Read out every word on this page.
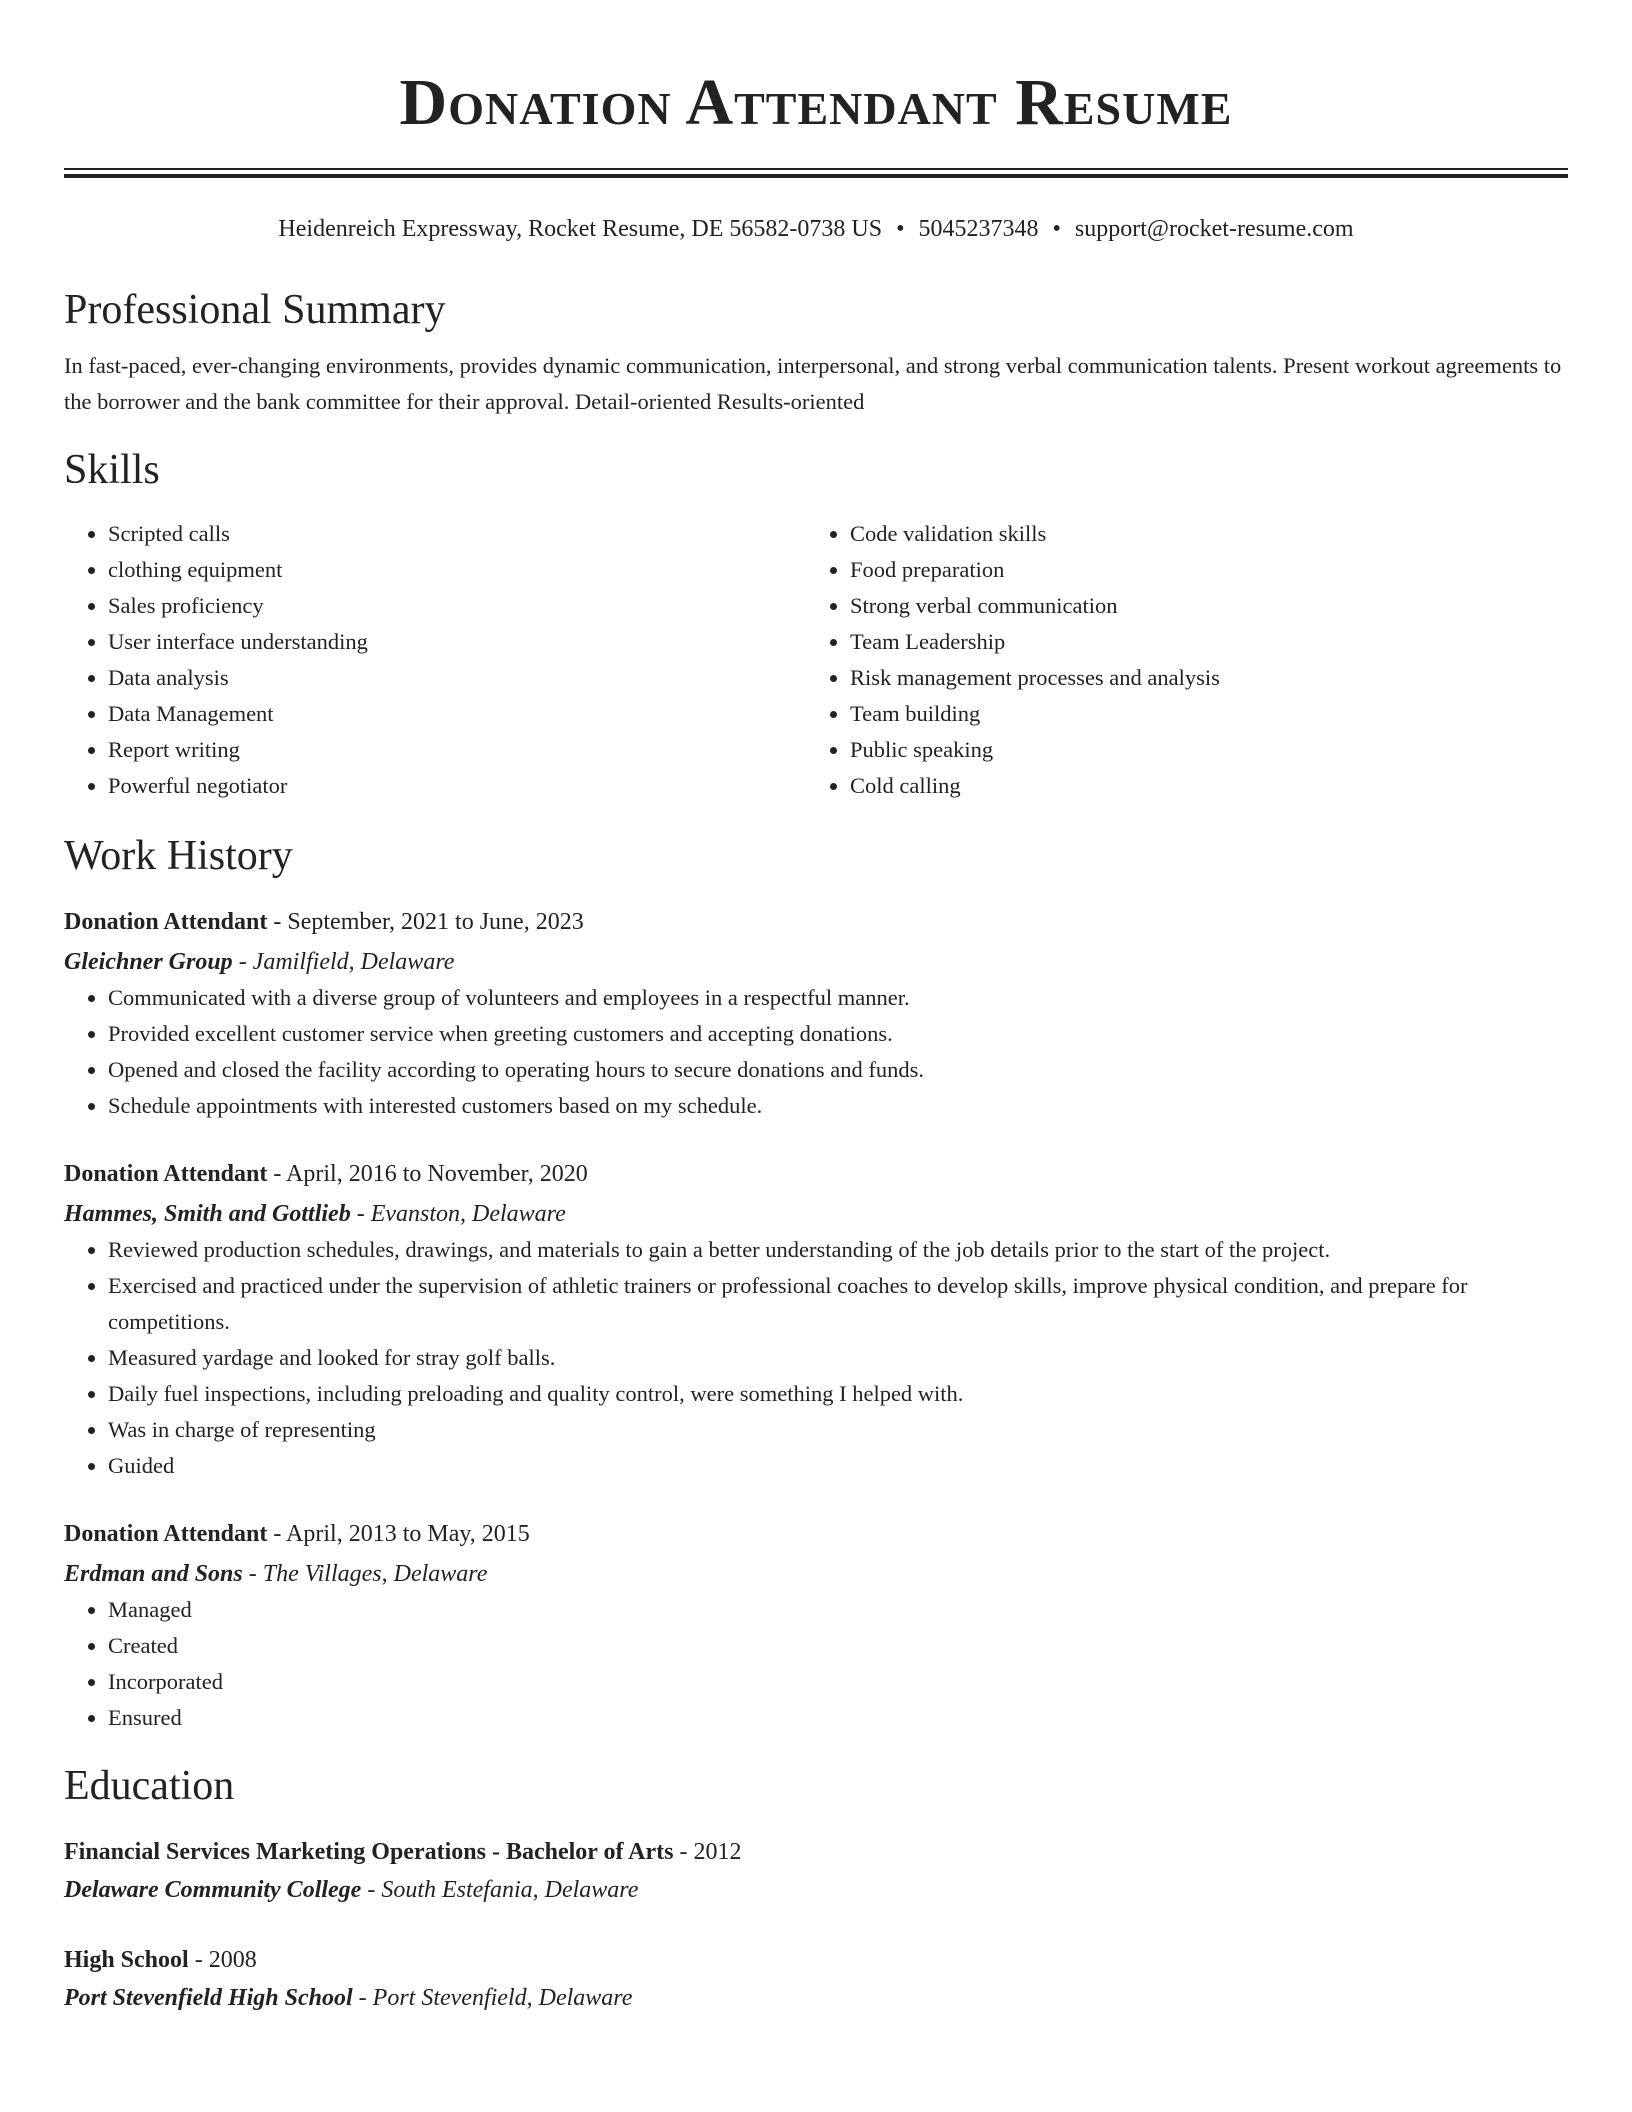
Donation Attendant Resume
Heidenreich Expressway, Rocket Resume, DE 56582-0738 US • 5045237348 • support@rocket-resume.com
Professional Summary
In fast-paced, ever-changing environments, provides dynamic communication, interpersonal, and strong verbal communication talents. Present workout agreements to the borrower and the bank committee for their approval. Detail-oriented Results-oriented
Skills
• Scripted calls
• clothing equipment
• Sales proficiency
• User interface understanding
• Data analysis
• Data Management
• Report writing
• Powerful negotiator
• Code validation skills
• Food preparation
• Strong verbal communication
• Team Leadership
• Risk management processes and analysis
• Team building
• Public speaking
• Cold calling
Work History
Donation Attendant - September, 2021 to June, 2023
Gleichner Group - Jamilfield, Delaware
• Communicated with a diverse group of volunteers and employees in a respectful manner.
• Provided excellent customer service when greeting customers and accepting donations.
• Opened and closed the facility according to operating hours to secure donations and funds.
• Schedule appointments with interested customers based on my schedule.
Donation Attendant - April, 2016 to November, 2020
Hammes, Smith and Gottlieb - Evanston, Delaware
• Reviewed production schedules, drawings, and materials to gain a better understanding of the job details prior to the start of the project.
• Exercised and practiced under the supervision of athletic trainers or professional coaches to develop skills, improve physical condition, and prepare for competitions.
• Measured yardage and looked for stray golf balls.
• Daily fuel inspections, including preloading and quality control, were something I helped with.
• Was in charge of representing
• Guided
Donation Attendant - April, 2013 to May, 2015
Erdman and Sons - The Villages, Delaware
• Managed
• Created
• Incorporated
• Ensured
Education
Financial Services Marketing Operations - Bachelor of Arts - 2012
Delaware Community College - South Estefania, Delaware
High School - 2008
Port Stevenfield High School - Port Stevenfield, Delaware
